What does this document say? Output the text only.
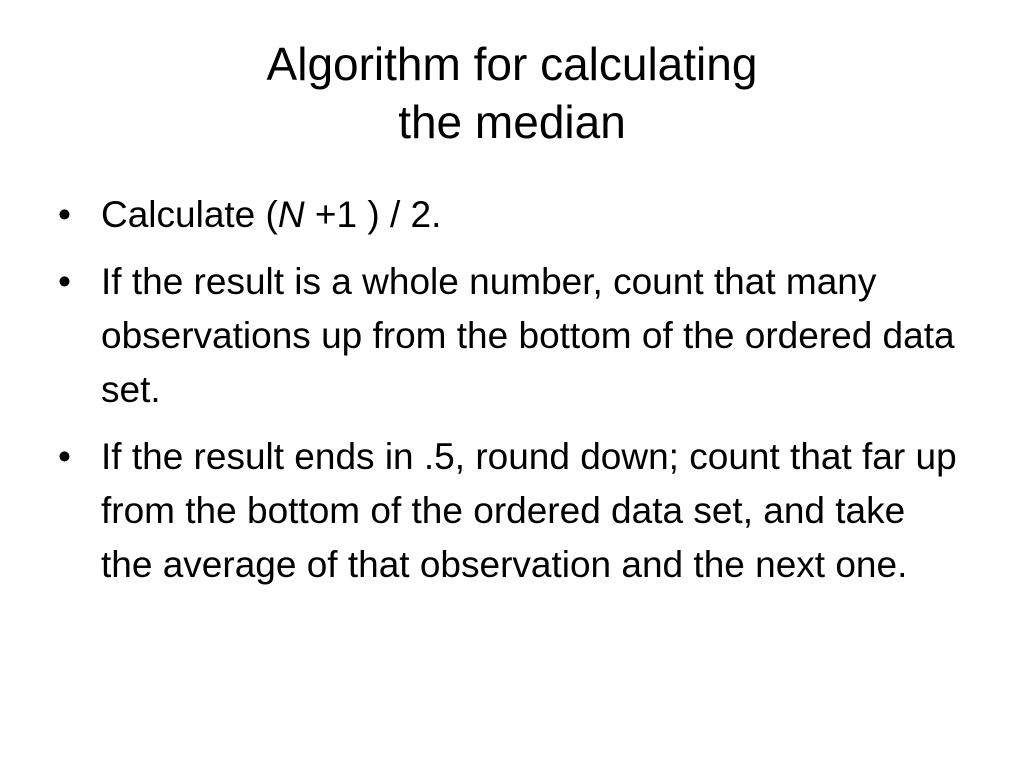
Algorithm for calculating
the median
• Calculate (N +1 ) / 2.
• If the result is a whole number, count that many observations up from the bottom of the ordered data set.
• If the result ends in .5, round down; count that far up from the bottom of the ordered data set, and take the average of that observation and the next one.
